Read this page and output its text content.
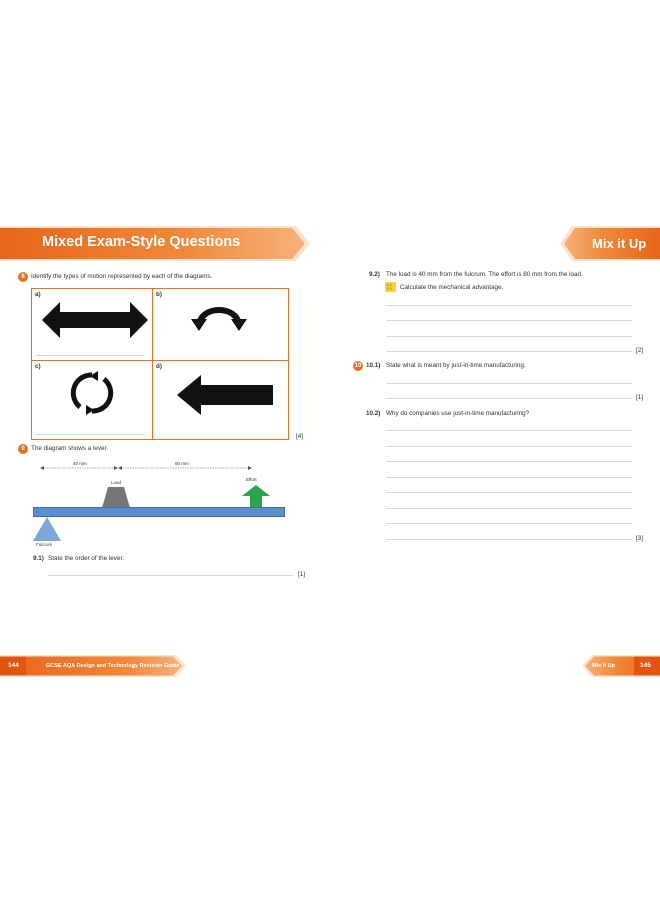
Mixed Exam-Style Questions	Mix it Up
8	Identify the types of motion represented by each of the diagrams.
a)	b)
c)	d)
[4]
9	The diagram shows a lever.
40 mm	80 mm
Load
Effort
Fulcrum
9.1) State the order of the lever.
[1]
9.2) The load is 40 mm from the fulcrum. The effort is 80 mm from the load.
Calculate the mechanical advantage.
[2]
10 10.1) State what is meant by just-in-time manufacturing.
[1]
10.2) Why do companies use just-in-time manufacturing?
[3]
144	GCSE AQA Design and Technology Revision Guide	Mix it Up	145
